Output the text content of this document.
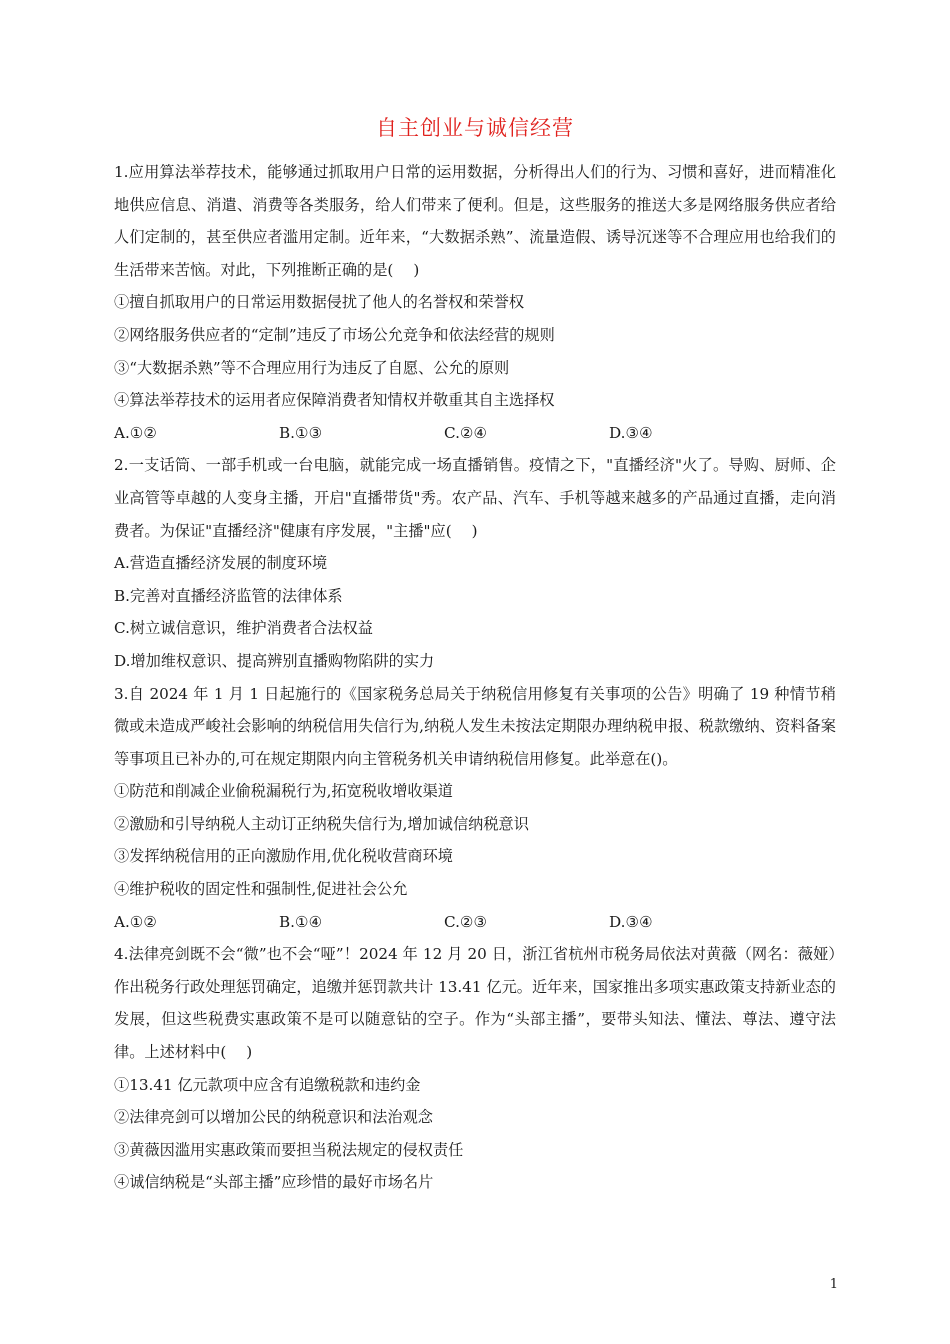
自主创业与诚信经营

1.应用算法举荐技术，能够通过抓取用户日常的运用数据，分析得出人们的行为、习惯和喜好，进而精准化地供应信息、消遣、消费等各类服务，给人们带来了便利。但是，这些服务的推送大多是网络服务供应者给人们定制的，甚至供应者滥用定制。近年来，“大数据杀熟”、流量造假、诱导沉迷等不合理应用也给我们的生活带来苦恼。对此，下列推断正确的是(　 )

①擅自抓取用户的日常运用数据侵扰了他人的名誉权和荣誉权

②网络服务供应者的“定制”违反了市场公允竞争和依法经营的规则

③“大数据杀熟”等不合理应用行为违反了自愿、公允的原则

④算法举荐技术的运用者应保障消费者知情权并敬重其自主选择权

A.①②	B.①③	C.②④	D.③④

2.一支话筒、一部手机或一台电脑，就能完成一场直播销售。疫情之下，"直播经济"火了。导购、厨师、企业高管等卓越的人变身主播，开启"直播带货"秀。农产品、汽车、手机等越来越多的产品通过直播，走向消费者。为保证"直播经济"健康有序发展，"主播"应(　 )

A.营造直播经济发展的制度环境

B.完善对直播经济监管的法律体系

C.树立诚信意识，维护消费者合法权益

D.增加维权意识、提高辨别直播购物陷阱的实力

3.自 2024 年 1 月 1 日起施行的《国家税务总局关于纳税信用修复有关事项的公告》明确了 19 种情节稍微或未造成严峻社会影响的纳税信用失信行为,纳税人发生未按法定期限办理纳税申报、税款缴纳、资料备案等事项且已补办的,可在规定期限内向主管税务机关申请纳税信用修复。此举意在()。

①防范和削减企业偷税漏税行为,拓宽税收增收渠道

②激励和引导纳税人主动订正纳税失信行为,增加诚信纳税意识

③发挥纳税信用的正向激励作用,优化税收营商环境

④维护税收的固定性和强制性,促进社会公允

A.①②	B.①④	C.②③	D.③④

4.法律亮剑既不会“微”也不会“哑”！2024 年 12 月 20 日，浙江省杭州市税务局依法对黄薇（网名：薇娅）作出税务行政处理惩罚确定，追缴并惩罚款共计 13.41 亿元。近年来，国家推出多项实惠政策支持新业态的发展，但这些税费实惠政策不是可以随意钻的空子。作为“头部主播”，要带头知法、懂法、尊法、遵守法律。上述材料中(　 )

①13.41 亿元款项中应含有追缴税款和违约金

②法律亮剑可以增加公民的纳税意识和法治观念

③黄薇因滥用实惠政策而要担当税法规定的侵权责任

④诚信纳税是“头部主播”应珍惜的最好市场名片

1
